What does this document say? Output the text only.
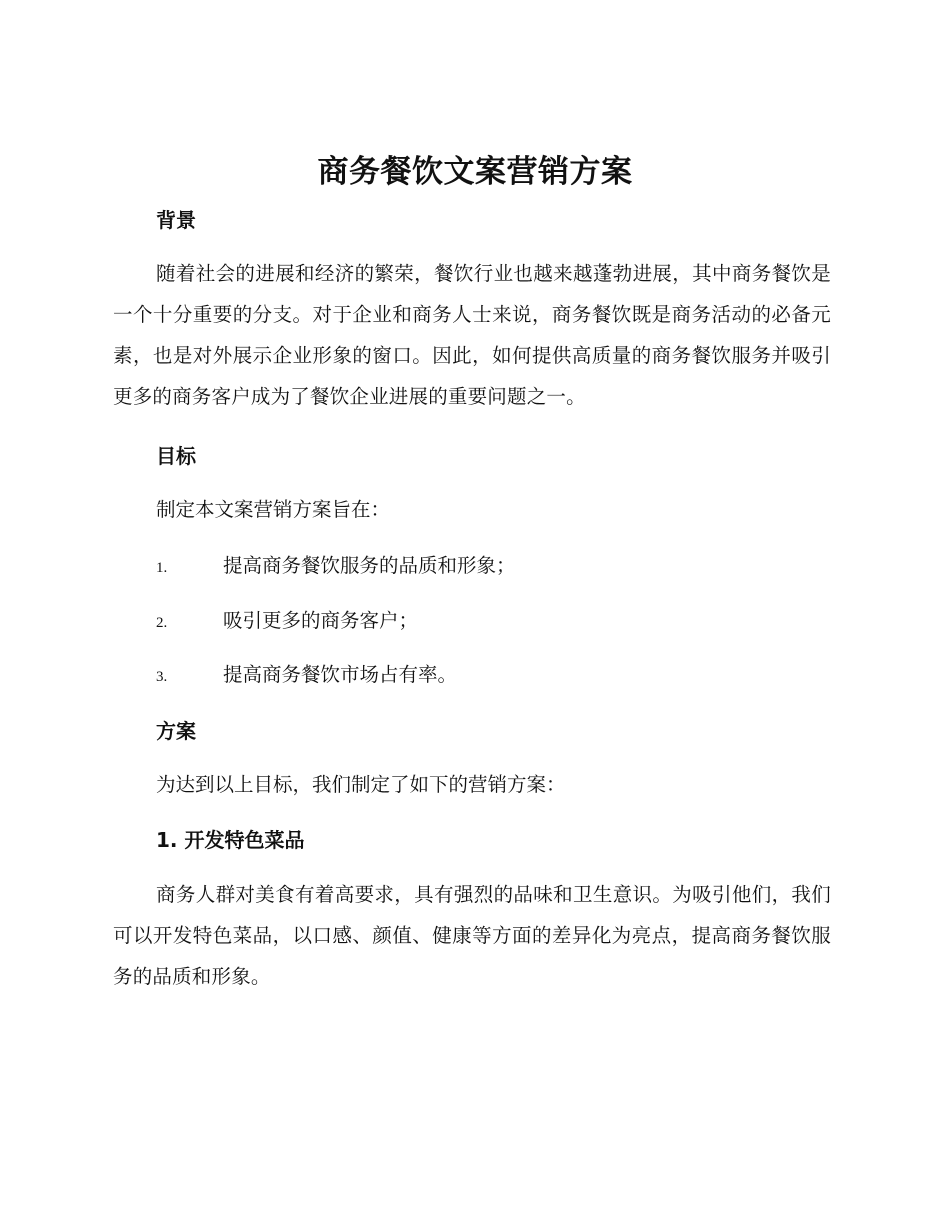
商务餐饮文案营销方案
背景
随着社会的进展和经济的繁荣，餐饮行业也越来越蓬勃进展，其中商务餐饮是一个十分重要的分支。对于企业和商务人士来说，商务餐饮既是商务活动的必备元素，也是对外展示企业形象的窗口。因此，如何提供高质量的商务餐饮服务并吸引更多的商务客户成为了餐饮企业进展的重要问题之一。
目标
制定本文案营销方案旨在：
1.	提高商务餐饮服务的品质和形象；
2.	吸引更多的商务客户；
3.	提高商务餐饮市场占有率。
方案
为达到以上目标，我们制定了如下的营销方案：
1. 开发特色菜品
商务人群对美食有着高要求，具有强烈的品味和卫生意识。为吸引他们，我们可以开发特色菜品，以口感、颜值、健康等方面的差异化为亮点，提高商务餐饮服务的品质和形象。
